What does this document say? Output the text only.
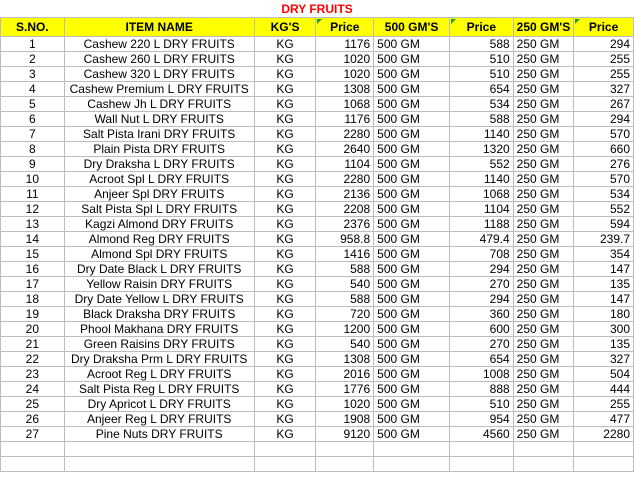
DRY FRUITS
S.NO.	ITEM NAME	KG'S	Price	500 GM'S	Price	250 GM'S	Price
1	Cashew 220 L DRY FRUITS	KG	1176	500 GM	588	250 GM	294
2	Cashew 260 L DRY FRUITS	KG	1020	500 GM	510	250 GM	255
3	Cashew 320 L DRY FRUITS	KG	1020	500 GM	510	250 GM	255
4	Cashew Premium L DRY FRUITS	KG	1308	500 GM	654	250 GM	327
5	Cashew Jh L DRY FRUITS	KG	1068	500 GM	534	250 GM	267
6	Wall Nut L DRY FRUITS	KG	1176	500 GM	588	250 GM	294
7	Salt Pista Irani DRY FRUITS	KG	2280	500 GM	1140	250 GM	570
8	Plain Pista DRY FRUITS	KG	2640	500 GM	1320	250 GM	660
9	Dry Draksha L DRY FRUITS	KG	1104	500 GM	552	250 GM	276
10	Acroot Spl L DRY FRUITS	KG	2280	500 GM	1140	250 GM	570
11	Anjeer Spl DRY FRUITS	KG	2136	500 GM	1068	250 GM	534
12	Salt Pista Spl L DRY FRUITS	KG	2208	500 GM	1104	250 GM	552
13	Kagzi Almond DRY FRUITS	KG	2376	500 GM	1188	250 GM	594
14	Almond Reg DRY FRUITS	KG	958.8	500 GM	479.4	250 GM	239.7
15	Almond Spl DRY FRUITS	KG	1416	500 GM	708	250 GM	354
16	Dry Date Black L DRY FRUITS	KG	588	500 GM	294	250 GM	147
17	Yellow Raisin DRY FRUITS	KG	540	500 GM	270	250 GM	135
18	Dry Date Yellow L DRY FRUITS	KG	588	500 GM	294	250 GM	147
19	Black Draksha DRY FRUITS	KG	720	500 GM	360	250 GM	180
20	Phool Makhana DRY FRUITS	KG	1200	500 GM	600	250 GM	300
21	Green Raisins DRY FRUITS	KG	540	500 GM	270	250 GM	135
22	Dry Draksha Prm L DRY FRUITS	KG	1308	500 GM	654	250 GM	327
23	Acroot Reg L DRY FRUITS	KG	2016	500 GM	1008	250 GM	504
24	Salt Pista Reg L DRY FRUITS	KG	1776	500 GM	888	250 GM	444
25	Dry Apricot L DRY FRUITS	KG	1020	500 GM	510	250 GM	255
26	Anjeer Reg L DRY FRUITS	KG	1908	500 GM	954	250 GM	477
27	Pine Nuts DRY FRUITS	KG	9120	500 GM	4560	250 GM	2280
